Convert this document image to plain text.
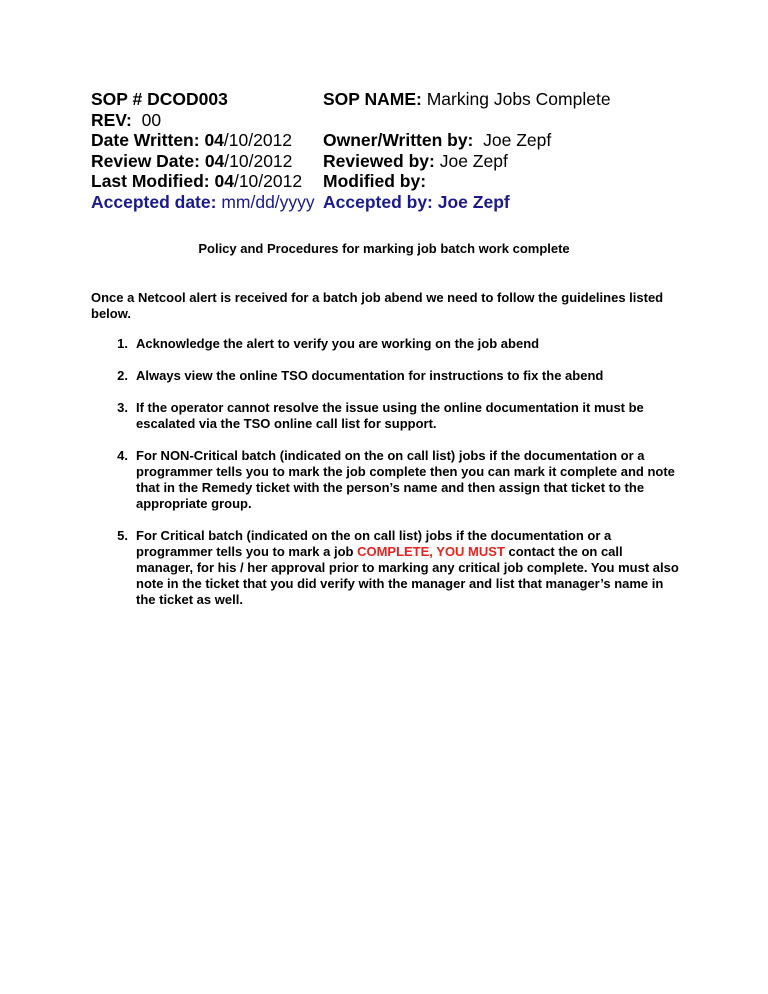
SOP # DCOD003	SOP NAME: Marking Jobs Complete
REV: 00
Date Written: 04/10/2012	Owner/Written by: Joe Zepf
Review Date: 04/10/2012	Reviewed by: Joe Zepf
Last Modified: 04/10/2012	Modified by:
Accepted date: mm/dd/yyyy Accepted by: Joe Zepf
Policy and Procedures for marking job batch work complete
Once a Netcool alert is received for a batch job abend we need to follow the guidelines listed below.
1. Acknowledge the alert to verify you are working on the job abend
2. Always view the online TSO documentation for instructions to fix the abend
3. If the operator cannot resolve the issue using the online documentation it must be escalated via the TSO online call list for support.
4. For NON-Critical batch (indicated on the on call list) jobs if the documentation or a programmer tells you to mark the job complete then you can mark it complete and note that in the Remedy ticket with the person’s name and then assign that ticket to the appropriate group.
5. For Critical batch (indicated on the on call list) jobs if the documentation or a programmer tells you to mark a job COMPLETE, YOU MUST contact the on call manager, for his / her approval prior to marking any critical job complete. You must also note in the ticket that you did verify with the manager and list that manager’s name in the ticket as well.
